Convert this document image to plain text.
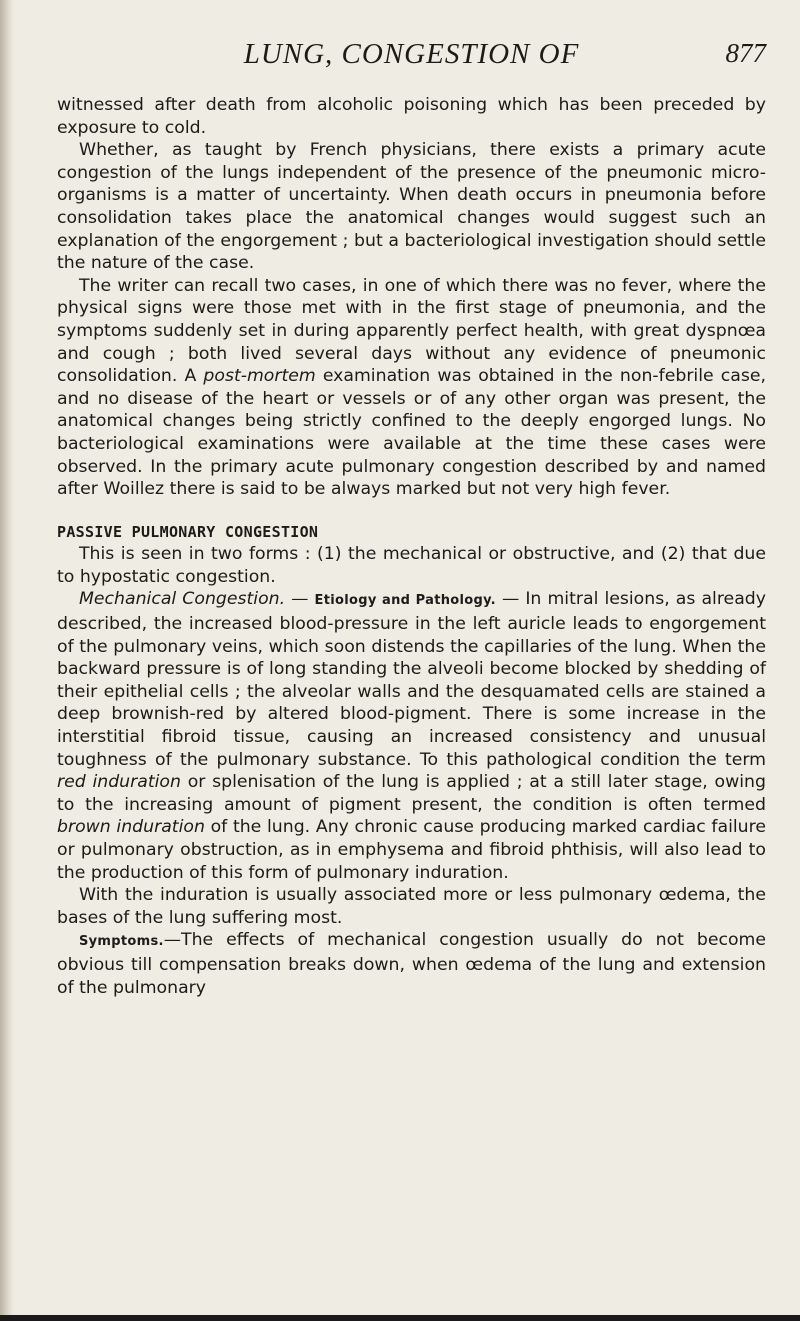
LUNG, CONGESTION OF	877

witnessed after death from alcoholic poisoning which has been preceded by exposure to cold.

Whether, as taught by French physicians, there exists a primary acute congestion of the lungs independent of the presence of the pneumonic micro-organisms is a matter of uncertainty. When death occurs in pneumonia before consolidation takes place the anatomical changes would suggest such an explanation of the engorgement ; but a bacteriological investigation should settle the nature of the case.

The writer can recall two cases, in one of which there was no fever, where the physical signs were those met with in the first stage of pneumonia, and the symptoms suddenly set in during apparently perfect health, with great dyspnœa and cough ; both lived several days without any evidence of pneumonic consolidation. A post-mortem examination was obtained in the non-febrile case, and no disease of the heart or vessels or of any other organ was present, the anatomical changes being strictly confined to the deeply engorged lungs. No bacteriological examinations were available at the time these cases were observed. In the primary acute pulmonary congestion described by and named after Woillez there is said to be always marked but not very high fever.

PASSIVE PULMONARY CONGESTION

This is seen in two forms : (1) the mechanical or obstructive, and (2) that due to hypostatic congestion.

Mechanical Congestion. — Etiology and Pathology. — In mitral lesions, as already described, the increased blood-pressure in the left auricle leads to engorgement of the pulmonary veins, which soon distends the capillaries of the lung. When the backward pressure is of long standing the alveoli become blocked by shedding of their epithelial cells ; the alveolar walls and the desquamated cells are stained a deep brownish-red by altered blood-pigment. There is some increase in the interstitial fibroid tissue, causing an increased consistency and unusual toughness of the pulmonary substance. To this pathological condition the term red induration or splenisation of the lung is applied ; at a still later stage, owing to the increasing amount of pigment present, the condition is often termed brown induration of the lung. Any chronic cause producing marked cardiac failure or pulmonary obstruction, as in emphysema and fibroid phthisis, will also lead to the production of this form of pulmonary induration.

With the induration is usually associated more or less pulmonary œdema, the bases of the lung suffering most.

Symptoms.—The effects of mechanical congestion usually do not become obvious till compensation breaks down, when œdema of the lung and extension of the pulmonary
